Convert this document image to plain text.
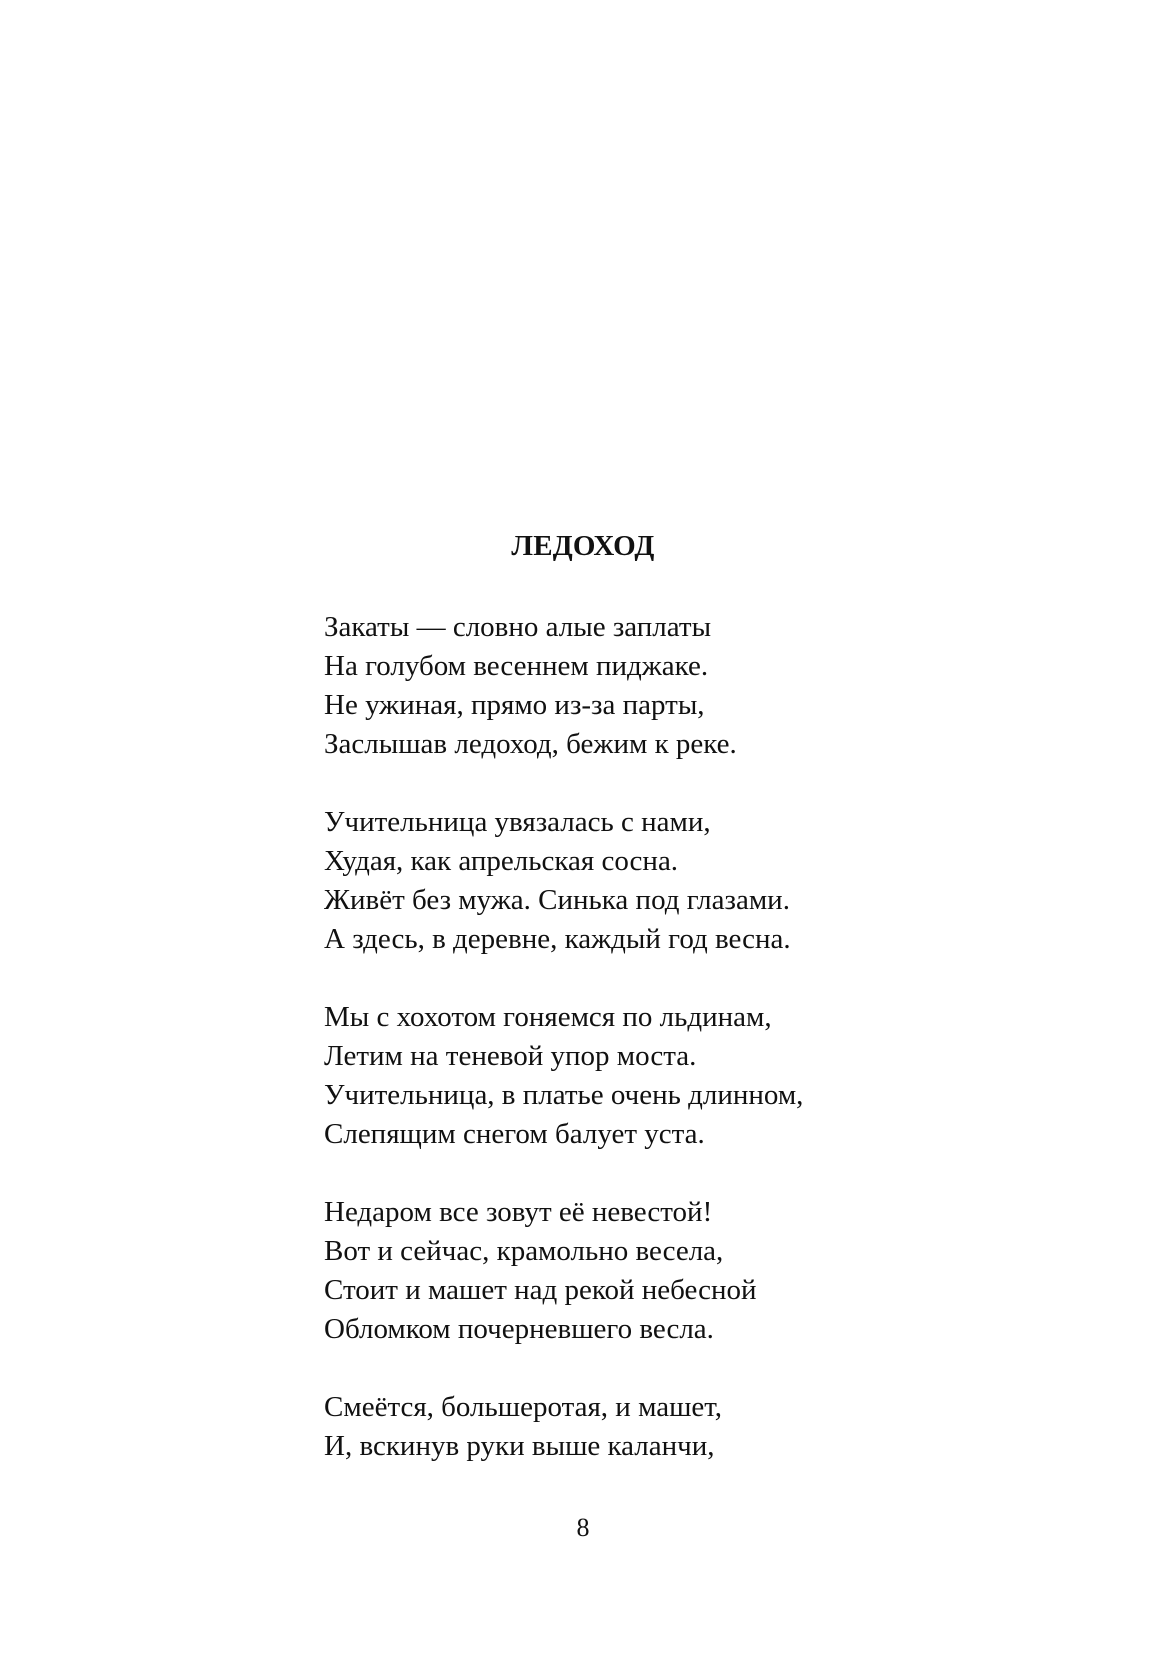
ЛЕДОХОД
Закаты — словно алые заплаты
На голубом весеннем пиджаке.
Не ужиная, прямо из-за парты,
Заслышав ледоход, бежим к реке.
Учительница увязалась с нами,
Худая, как апрельская сосна.
Живёт без мужа. Синька под глазами.
А здесь, в деревне, каждый год весна.
Мы с хохотом гоняемся по льдинам,
Летим на теневой упор моста.
Учительница, в платье очень длинном,
Слепящим снегом балует уста.
Недаром все зовут её невестой!
Вот и сейчас, крамольно весела,
Стоит и машет над рекой небесной
Обломком почерневшего весла.
Смеётся, большеротая, и машет,
И, вскинув руки выше каланчи,
8
